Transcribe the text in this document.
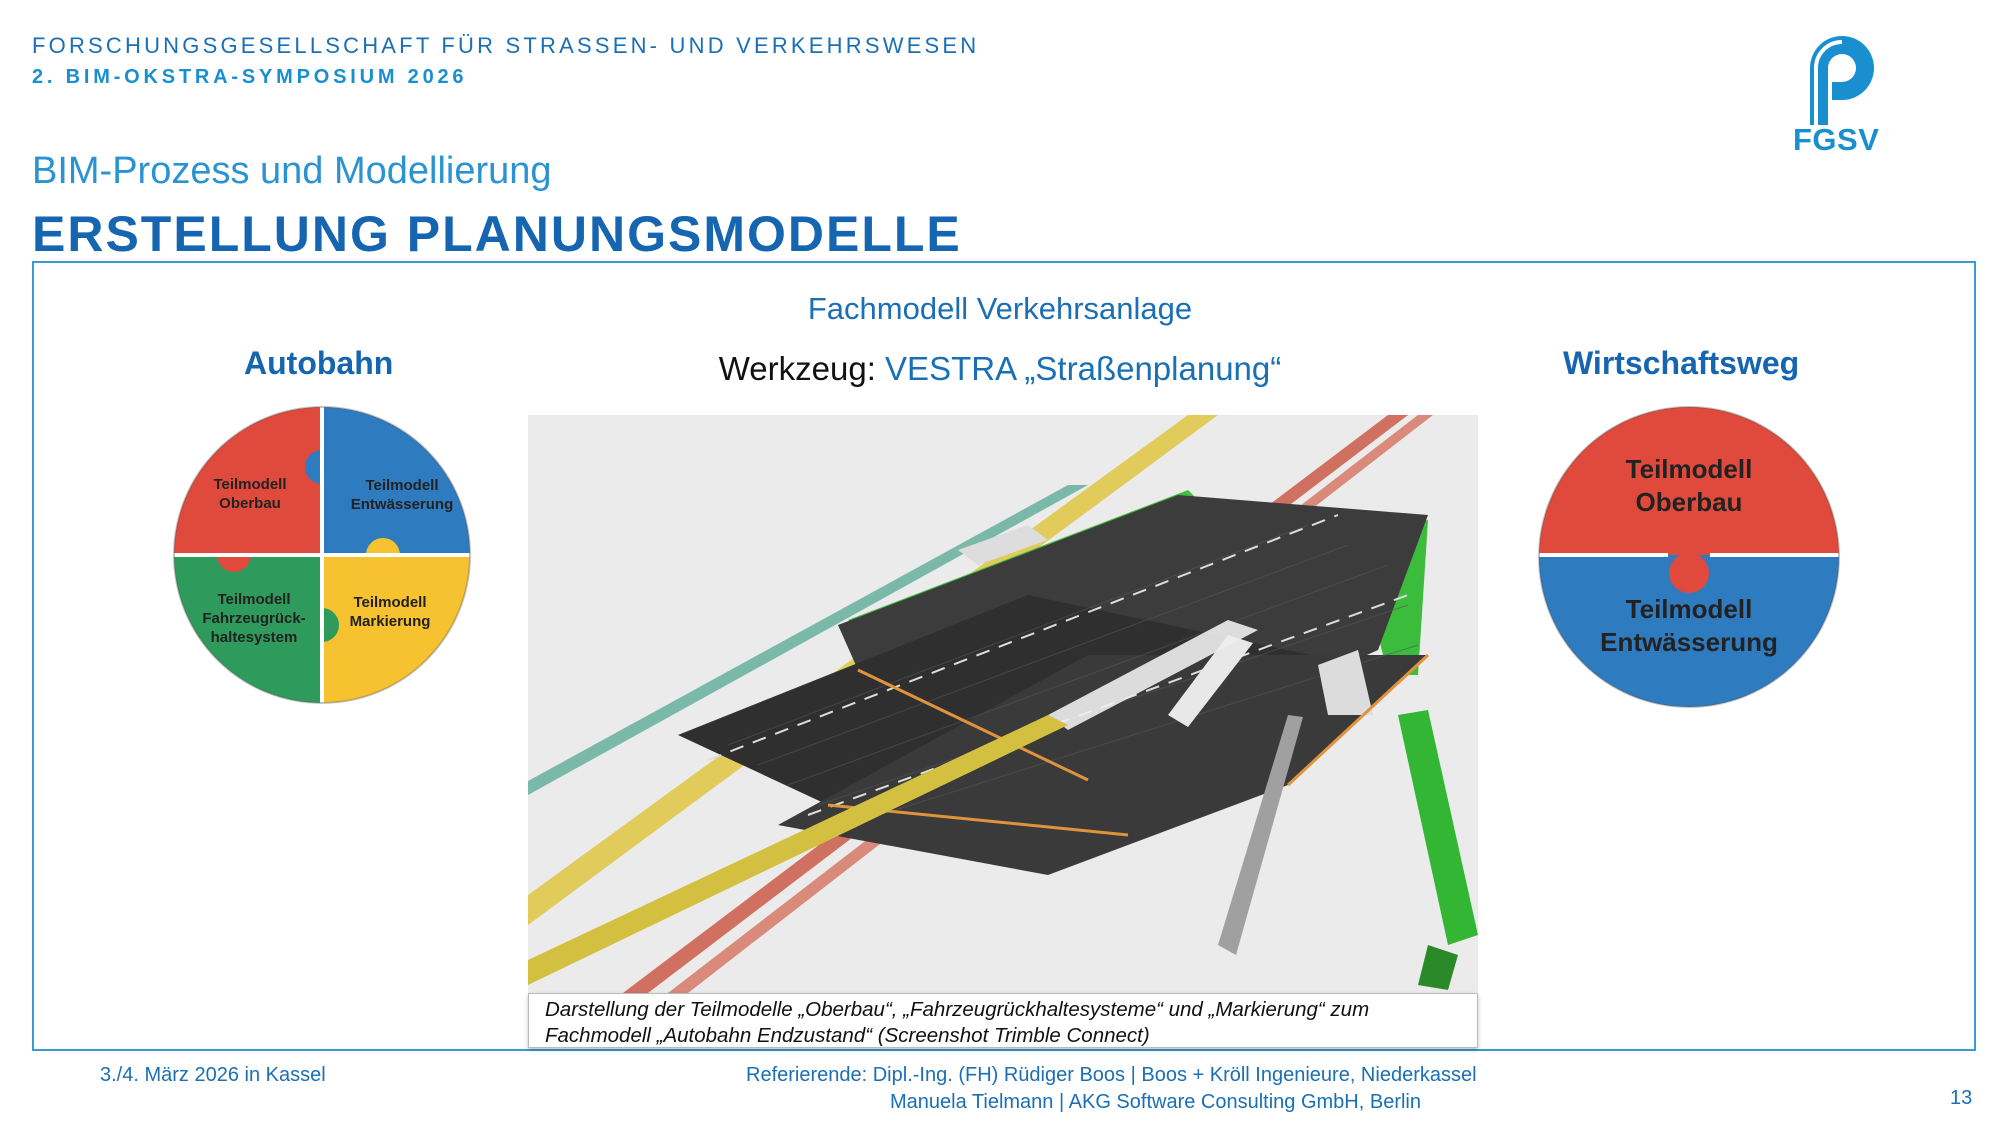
FORSCHUNGSGESELLSCHAFT FÜR STRASSEN- UND VERKEHRSWESEN
2. BIM-OKSTRA-SYMPOSIUM 2026
FGSV
BIM-Prozess und Modellierung
ERSTELLUNG PLANUNGSMODELLE
Fachmodell Verkehrsanlage
Werkzeug: VESTRA „Straßenplanung“
Autobahn	Wirtschaftsweg
Teilmodell
Oberbau
Teilmodell
Entwässerung
Teilmodell
Fahrzeugrück-
haltesystem
Teilmodell
Markierung
Teilmodell
Oberbau
Teilmodell
Entwässerung
Darstellung der Teilmodelle „Oberbau“, „Fahrzeugrückhaltesysteme“ und „Markierung“ zum
Fachmodell „Autobahn Endzustand“ (Screenshot Trimble Connect)
3./4. März 2026 in Kassel	Referierende: Dipl.-Ing. (FH) Rüdiger Boos | Boos + Kröll Ingenieure, Niederkassel
Manuela Tielmann | AKG Software Consulting GmbH, Berlin	13
